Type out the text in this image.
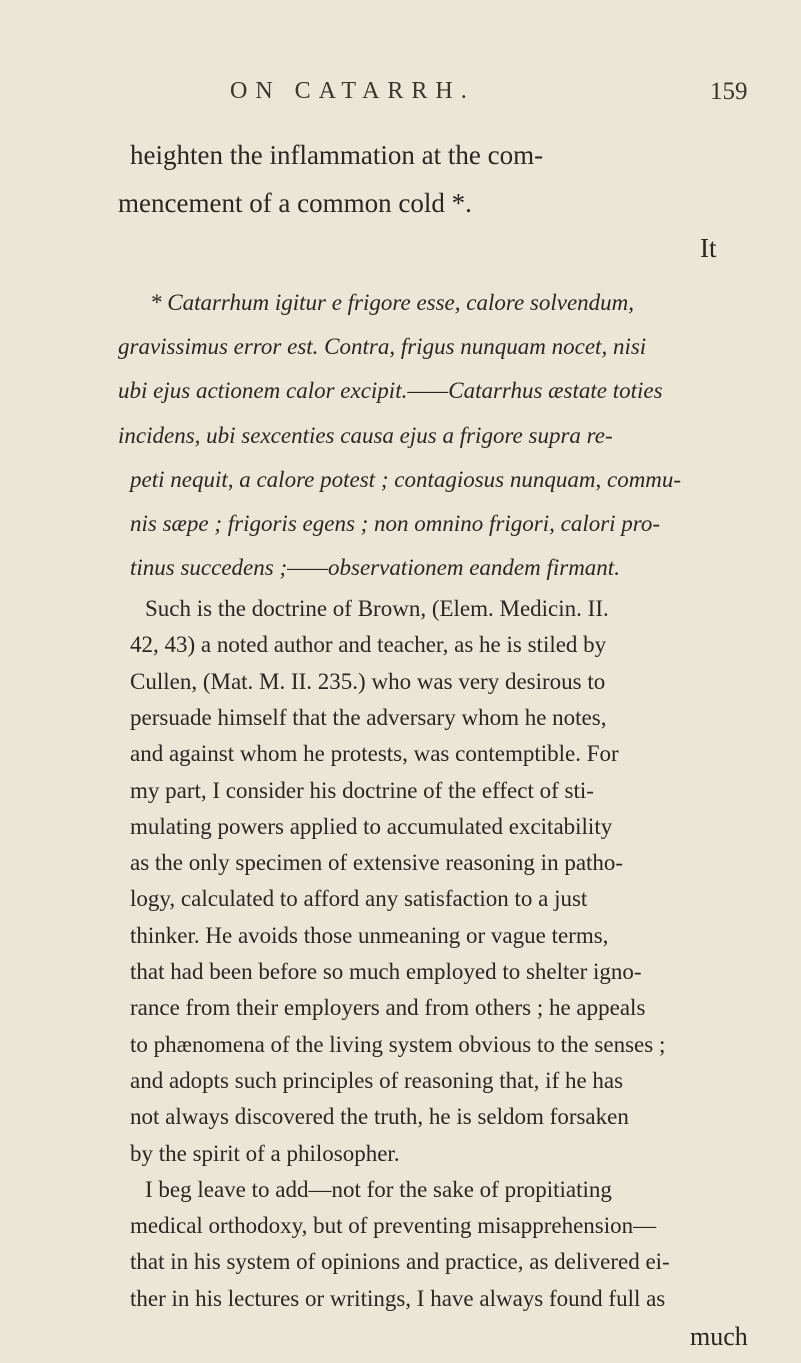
ON CATARRH.	159
heighten the inflammation at the com-
mencement of a common cold *.
It
* Catarrhum igitur e frigore esse, calore solvendum,
gravissimus error est. Contra, frigus nunquam nocet, nisi
ubi ejus actionem calor excipit.——Catarrhus æstate toties
incidens, ubi sexcenties causa ejus a frigore supra re-
peti nequit, a calore potest ; contagiosus nunquam, commu-
nis sæpe ; frigoris egens ; non omnino frigori, calori pro-
tinus succedens ;——observationem eandem firmant.
Such is the doctrine of Brown, (Elem. Medicin. II.
42, 43) a noted author and teacher, as he is stiled by
Cullen, (Mat. M. II. 235.) who was very desirous to
persuade himself that the adversary whom he notes,
and against whom he protests, was contemptible. For
my part, I consider his doctrine of the effect of sti-
mulating powers applied to accumulated excitability
as the only specimen of extensive reasoning in patho-
logy, calculated to afford any satisfaction to a just
thinker. He avoids those unmeaning or vague terms,
that had been before so much employed to shelter igno-
rance from their employers and from others ; he appeals
to phænomena of the living system obvious to the senses ;
and adopts such principles of reasoning that, if he has
not always discovered the truth, he is seldom forsaken
by the spirit of a philosopher.
I beg leave to add—not for the sake of propitiating
medical orthodoxy, but of preventing misapprehension—
that in his system of opinions and practice, as delivered ei-
ther in his lectures or writings, I have always found full as
much
